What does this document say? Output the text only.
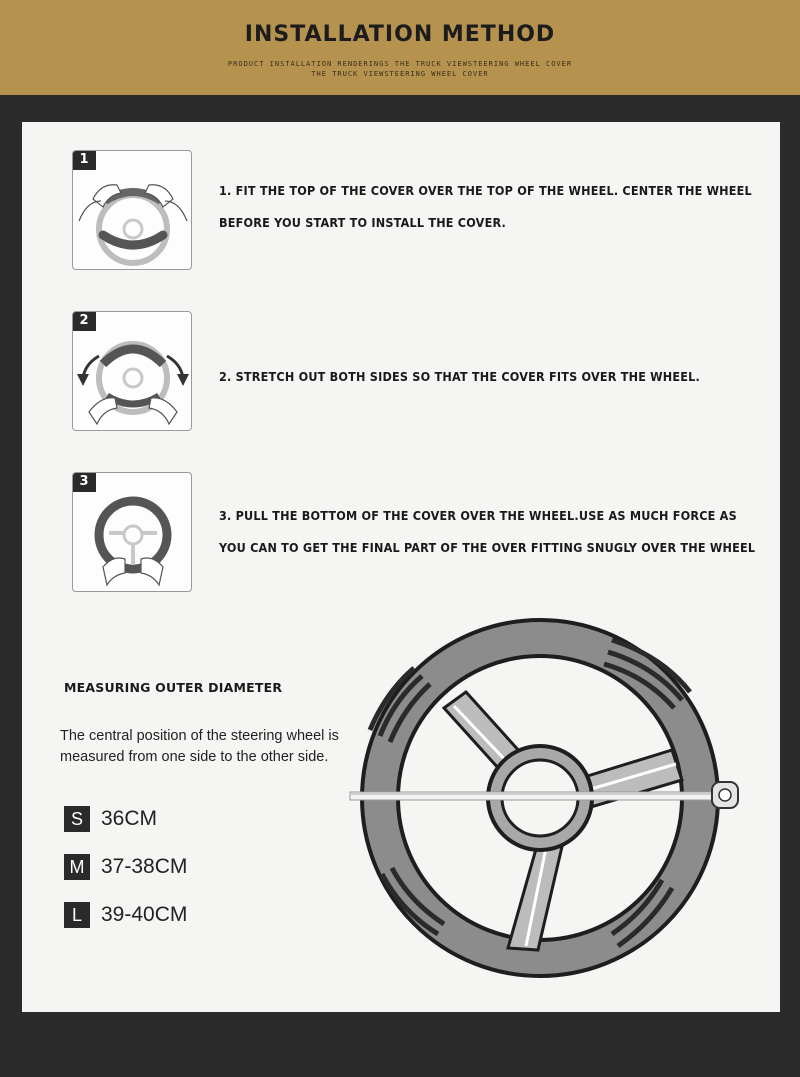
INSTALLATION METHOD
PRODUCT INSTALLATION RENDERINGS THE TRUCK VIEWSTEERING WHEEL COVER
THE TRUCK VIEWSTEERING WHEEL COVER
1
1. FIT THE TOP OF THE COVER OVER THE TOP OF THE WHEEL. CENTER THE WHEEL
BEFORE YOU START TO INSTALL THE COVER.
2
2. STRETCH OUT BOTH SIDES SO THAT THE COVER FITS OVER THE WHEEL.
3
3. PULL THE BOTTOM OF THE COVER OVER THE WHEEL.USE AS MUCH FORCE AS
YOU CAN TO GET THE FINAL PART OF THE OVER FITTING SNUGLY OVER THE WHEEL
MEASURING OUTER DIAMETER
The central position of the steering wheel is measured from one side to the other side.
S 36CM
M 37-38CM
L 39-40CM
